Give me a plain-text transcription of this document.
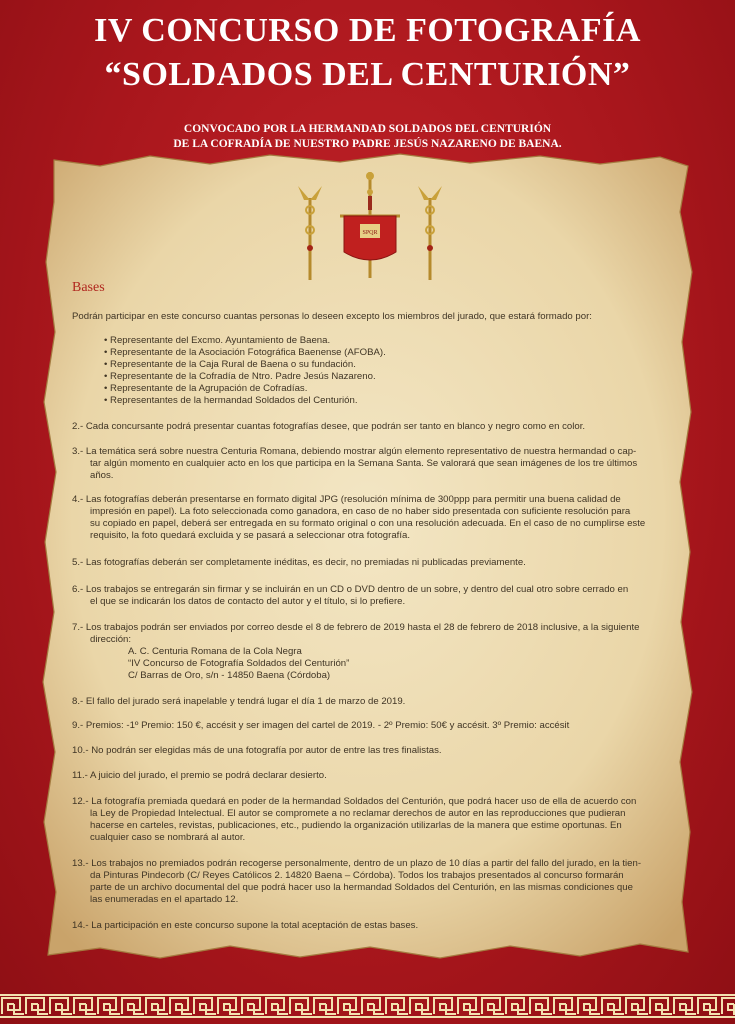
IV CONCURSO DE FOTOGRAFÍA
“SOLDADOS DEL CENTURIÓN”
CONVOCADO POR LA HERMANDAD SOLDADOS DEL CENTURIÓN
DE LA COFRADÍA DE NUESTRO PADRE JESÚS NAZARENO DE BAENA.
SPQR
Bases
Podrán participar en este concurso cuantas personas lo deseen excepto los miembros del jurado, que estará formado por:
• Representante del Excmo. Ayuntamiento de Baena.
• Representante de la Asociación Fotográfica Baenense (AFOBA).
• Representante de la Caja Rural de Baena o su fundación.
• Representante de la Cofradía de Ntro. Padre Jesús Nazareno.
• Representante de la Agrupación de Cofradías.
• Representantes de la hermandad Soldados del Centurión.
2.- Cada concursante podrá presentar cuantas fotografías desee, que podrán ser tanto en blanco y negro como en color.
3.- La temática será sobre nuestra Centuria Romana, debiendo mostrar algún elemento representativo de nuestra hermandad o cap-
tar algún momento en cualquier acto en los que participa en la Semana Santa. Se valorará que sean imágenes de los tre últimos
años.
4.- Las fotografías deberán presentarse en formato digital JPG (resolución mínima de 300ppp para permitir una buena calidad de
impresión en papel). La foto seleccionada como ganadora, en caso de no haber sido presentada con suficiente resolución para
su copiado en papel, deberá ser entregada en su formato original o con una resolución adecuada. En el caso de no cumplirse este
requisito, la foto quedará excluida y se pasará a seleccionar otra fotografía.
5.- Las fotografías deberán ser completamente inéditas, es decir, no premiadas ni publicadas previamente.
6.- Los trabajos se entregarán sin firmar y se incluirán en un CD o DVD dentro de un sobre, y dentro del cual otro sobre cerrado en
el que se indicarán los datos de contacto del autor y el título, si lo prefiere.
7.- Los trabajos podrán ser enviados por correo desde el 8 de febrero de 2019 hasta el 28 de febrero de 2018 inclusive, a la siguiente
dirección:
A. C. Centuria Romana de la Cola Negra
“IV Concurso de Fotografía Soldados del Centurión”
C/ Barras de Oro, s/n - 14850 Baena (Córdoba)
8.- El fallo del jurado será inapelable y tendrá lugar el día 1 de marzo de 2019.
9.- Premios: -1º Premio: 150 €, accésit y ser imagen del cartel de 2019. - 2º Premio: 50€ y accésit. 3º Premio: accésit
10.- No podrán ser elegidas más de una fotografía por autor de entre las tres finalistas.
11.- A juicio del jurado, el premio se podrá declarar desierto.
12.- La fotografía premiada quedará en poder de la hermandad Soldados del Centurión, que podrá hacer uso de ella de acuerdo con
la Ley de Propiedad Intelectual. El autor se compromete a no reclamar derechos de autor en las reproducciones que pudieran
hacerse en carteles, revistas, publicaciones, etc., pudiendo la organización utilizarlas de la manera que estime oportunas. En
cualquier caso se nombrará al autor.
13.- Los trabajos no premiados podrán recogerse personalmente, dentro de un plazo de 10 días a partir del fallo del jurado, en la tien-
da Pinturas Pindecorb (C/ Reyes Católicos 2. 14820 Baena – Córdoba). Todos los trabajos presentados al concurso formarán
parte de un archivo documental del que podrá hacer uso la hermandad Soldados del Centurión, en las mismas condiciones que
las enumeradas en el apartado 12.
14.- La participación en este concurso supone la total aceptación de estas bases.
